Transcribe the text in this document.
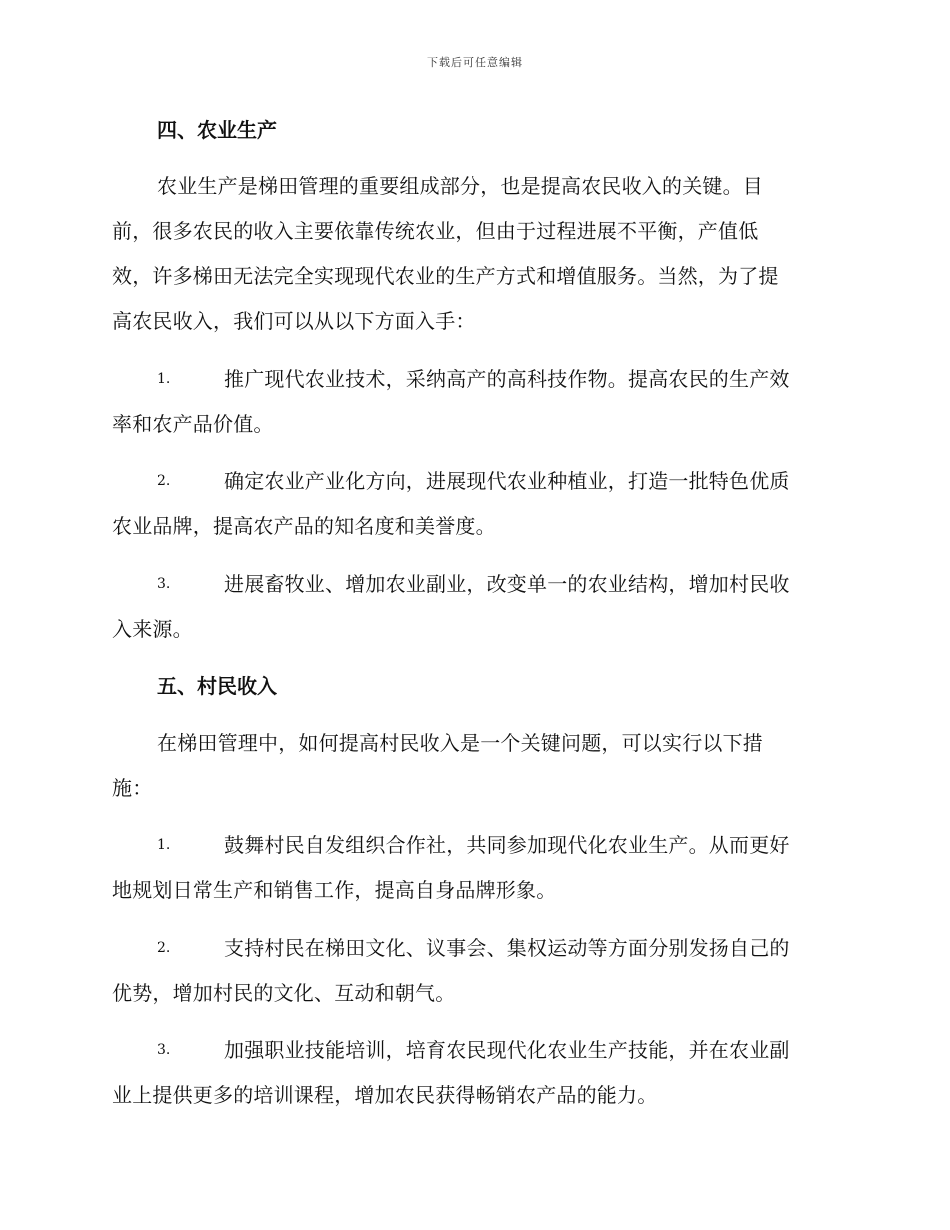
下载后可任意编辑
四、农业生产
农业生产是梯田管理的重要组成部分，也是提高农民收入的关键。目
前，很多农民的收入主要依靠传统农业，但由于过程进展不平衡，产值低
效，许多梯田无法完全实现现代农业的生产方式和增值服务。当然，为了提
高农民收入，我们可以从以下方面入手：
1.	推广现代农业技术，采纳高产的高科技作物。提高农民的生产效
率和农产品价值。
2.	确定农业产业化方向，进展现代农业种植业，打造一批特色优质
农业品牌，提高农产品的知名度和美誉度。
3.	进展畜牧业、增加农业副业，改变单一的农业结构，增加村民收
入来源。
五、村民收入
在梯田管理中，如何提高村民收入是一个关键问题，可以实行以下措
施：
1.	鼓舞村民自发组织合作社，共同参加现代化农业生产。从而更好
地规划日常生产和销售工作，提高自身品牌形象。
2.	支持村民在梯田文化、议事会、集权运动等方面分别发扬自己的
优势，增加村民的文化、互动和朝气。
3.	加强职业技能培训，培育农民现代化农业生产技能，并在农业副
业上提供更多的培训课程，增加农民获得畅销农产品的能力。
